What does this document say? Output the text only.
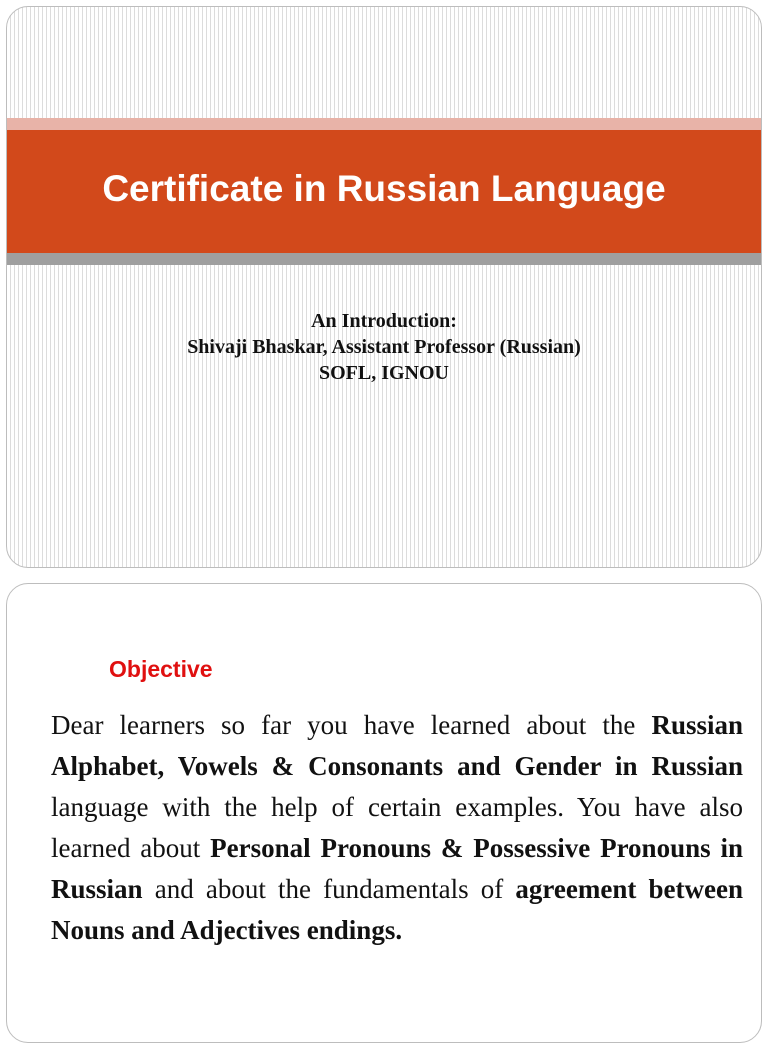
Certificate in Russian Language
An Introduction:
Shivaji Bhaskar, Assistant Professor (Russian)
SOFL, IGNOU
Objective

Dear learners so far you have learned about the Russian Alphabet, Vowels & Consonants and Gender in Russian language with the help of certain examples. You have also learned about Personal Pronouns & Possessive Pronouns in Russian and about the fundamentals of agreement between Nouns and Adjectives endings.
